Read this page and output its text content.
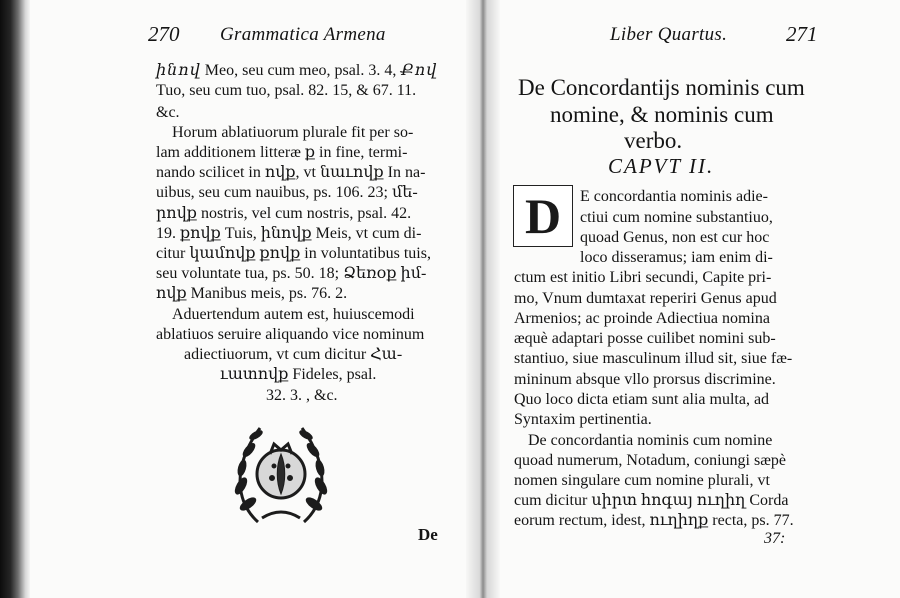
270 Grammatica Armena
ինով Meo, seu cum meo, psal. 3. 4, Քով
Tuo, seu cum tuo, psal. 82. 15, & 67. 11.
&c.
Horum ablatiuorum plurale fit per so-
lam additionem litteræ ք in fine, termi-
nando scilicet in ովք, vt նաւովք In na-
uibus, seu cum nauibus, ps. 106. 23; մե-
րովք nostris, vel cum nostris, psal. 42.
19. քովք Tuis, ինովք Meis, vt cum di-
citur կամովք քովք in voluntatibus tuis,
seu voluntate tua, ps. 50. 18; Ձեռօք իմ-
ովք Manibus meis, ps. 76. 2.
Aduertendum autem est, huiuscemodi
ablatiuos seruire aliquando vice nominum
adiectiuorum, vt cum dicitur Հա-
ւատովք Fideles, psal.
32. 3. , &c.
De
Liber Quartus.	271
De Concordantijs nominis cum
nomine, & nominis cum
verbo.
CAPVT II.
D	E concordantia nominis adie-
ctiui cum nomine substantiuo,
quoad Genus, non est cur hoc
loco disseramus; iam enim di-
ctum est initio Libri secundi, Capite pri-
mo, Vnum dumtaxat reperiri Genus apud
Armenios; ac proinde Adiectiua nomina
æquè adaptari posse cuilibet nomini sub-
stantiuo, siue masculinum illud sit, siue fæ-
mininum absque vllo prorsus discrimine.
Quo loco dicta etiam sunt alia multa, ad
Syntaxim pertinentia.
De concordantia nominis cum nomine
quoad numerum, Notadum, coniungi sæpè
nomen singulare cum nomine plurali, vt
cum dicitur սիրտ հոգայ ուղիղ Corda
eorum rectum, idest, ուղիղք recta, ps. 77.
37:
